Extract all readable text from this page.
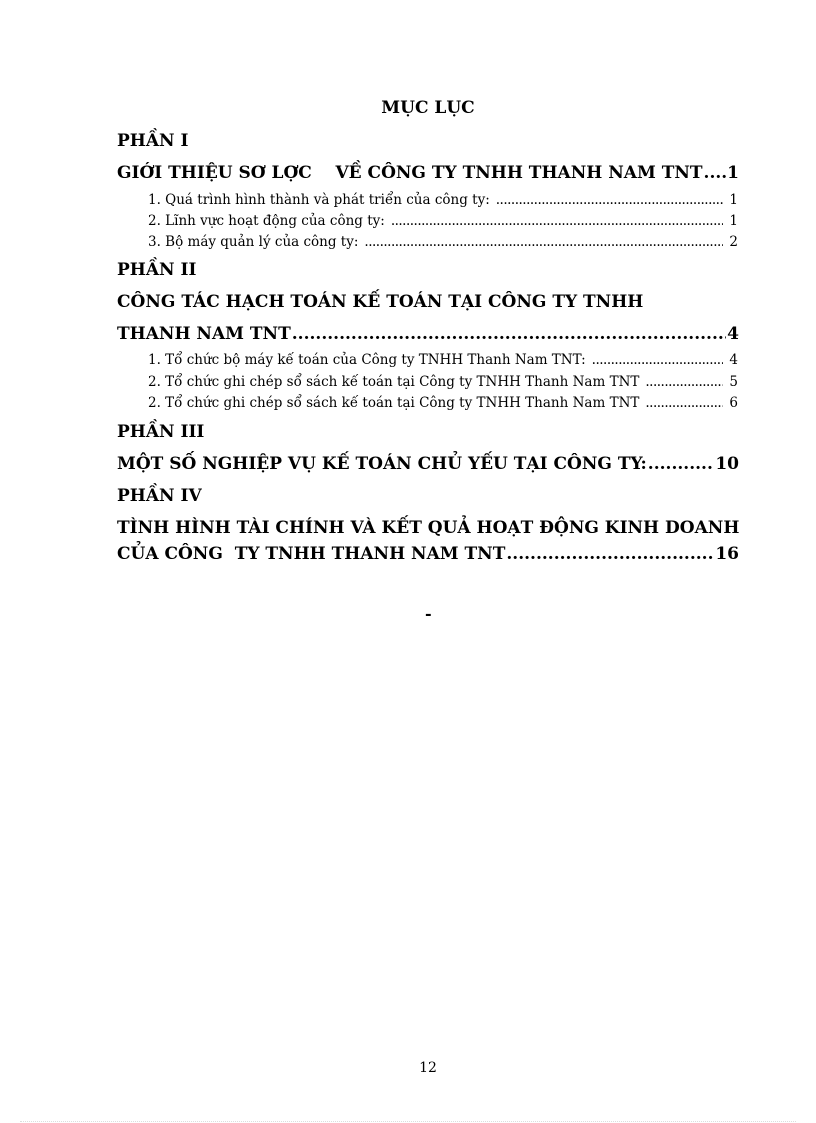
MỤC LỤC
PHẦN I
GIỚI THIỆU SƠ LỢC    VỀ CÔNG TY TNHH THANH NAM TNT ..... 1
1. Quá trình hình thành và phát triển của công ty: .....	1
2. Lĩnh vực hoạt động của công ty: .....	1
3. Bộ máy quản lý của công ty: .....	2
PHẦN II
CÔNG TÁC HẠCH TOÁN KẾ TOÁN TẠI CÔNG TY TNHH
THANH NAM TNT .....	4
1. Tổ chức bộ máy kế toán của Công ty TNHH Thanh Nam TNT: .....	4
2. Tổ chức ghi chép sổ sách kế toán tại Công ty TNHH Thanh Nam TNT .....	5
2. Tổ chức ghi chép sổ sách kế toán tại Công ty TNHH Thanh Nam TNT .....	6
PHẦN III
MỘT SỐ NGHIỆP VỤ KẾ TOÁN CHỦ YẾU TẠI CÔNG TY: .....	10
PHẦN IV
TÌNH HÌNH TÀI CHÍNH VÀ KẾT QUẢ HOẠT ĐỘNG KINH DOANH
CỦA CÔNG  TY TNHH THANH NAM TNT .....	16
-
12
